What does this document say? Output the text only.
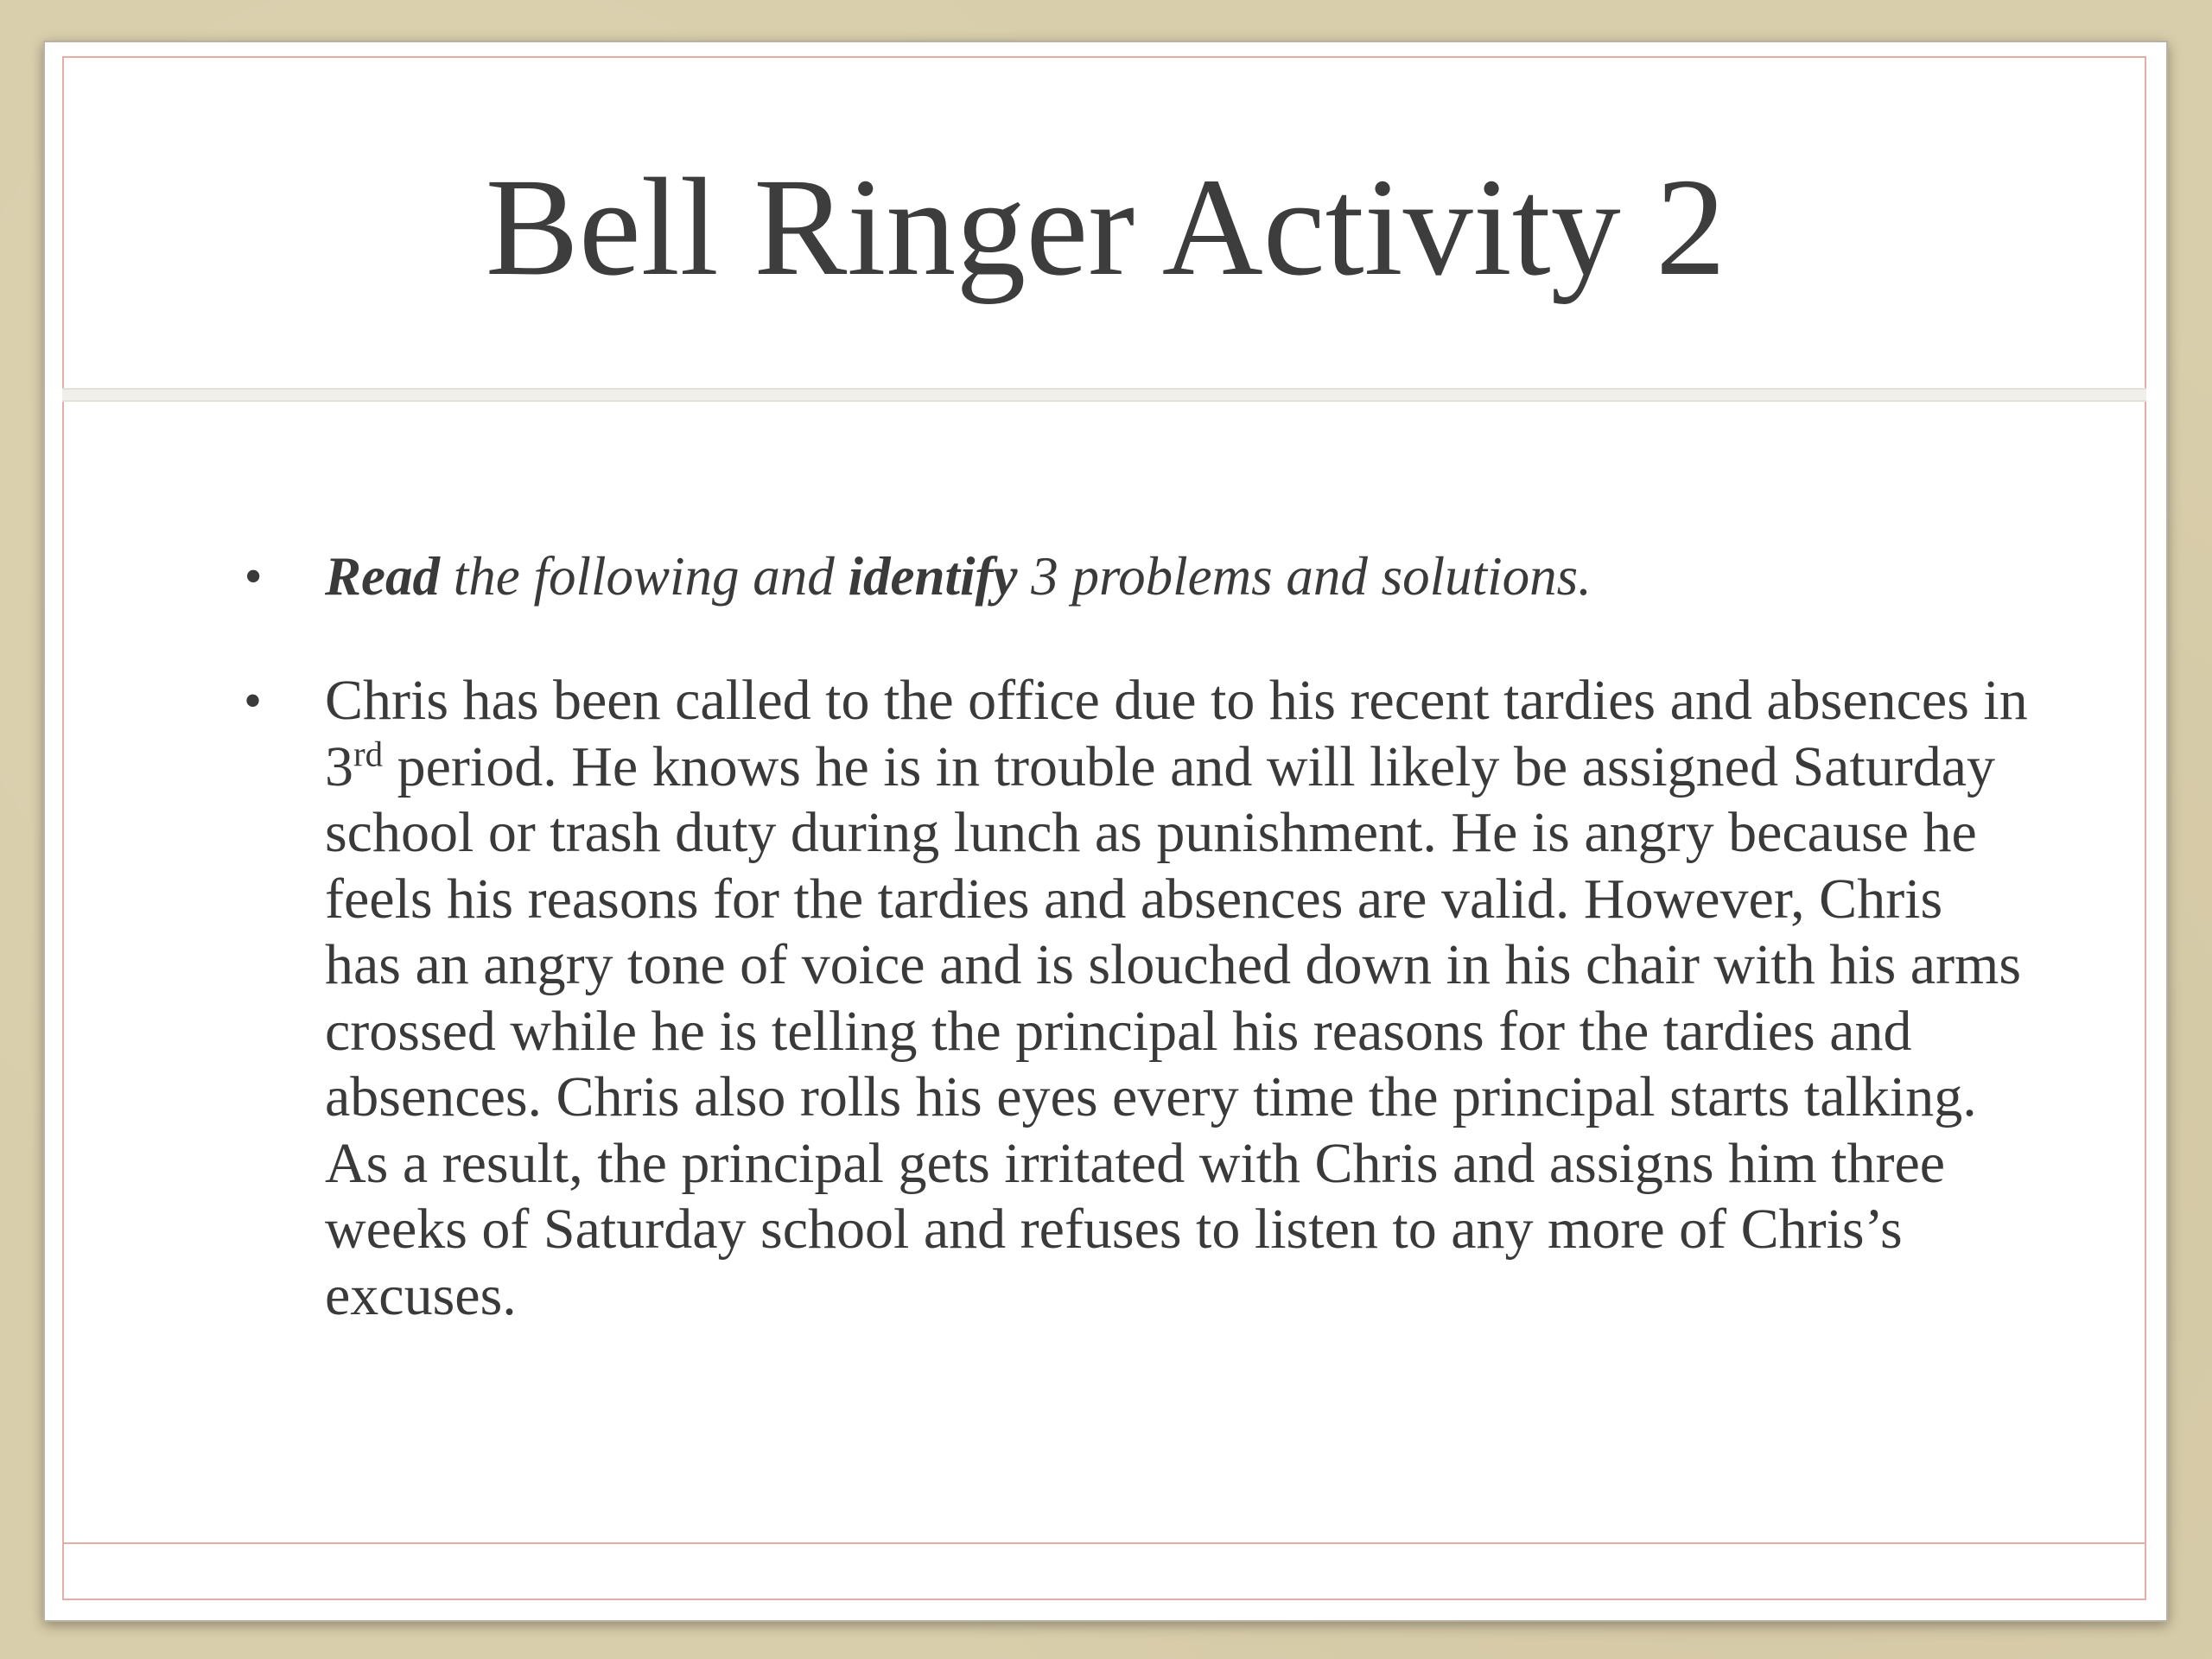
Bell Ringer Activity 2
• Read the following and identify 3 problems and solutions.
• Chris has been called to the office due to his recent tardies and absences in 3rd period. He knows he is in trouble and will likely be assigned Saturday school or trash duty during lunch as punishment. He is angry because he feels his reasons for the tardies and absences are valid. However, Chris has an angry tone of voice and is slouched down in his chair with his arms crossed while he is telling the principal his reasons for the tardies and absences. Chris also rolls his eyes every time the principal starts talking. As a result, the principal gets irritated with Chris and assigns him three weeks of Saturday school and refuses to listen to any more of Chris’s excuses.
